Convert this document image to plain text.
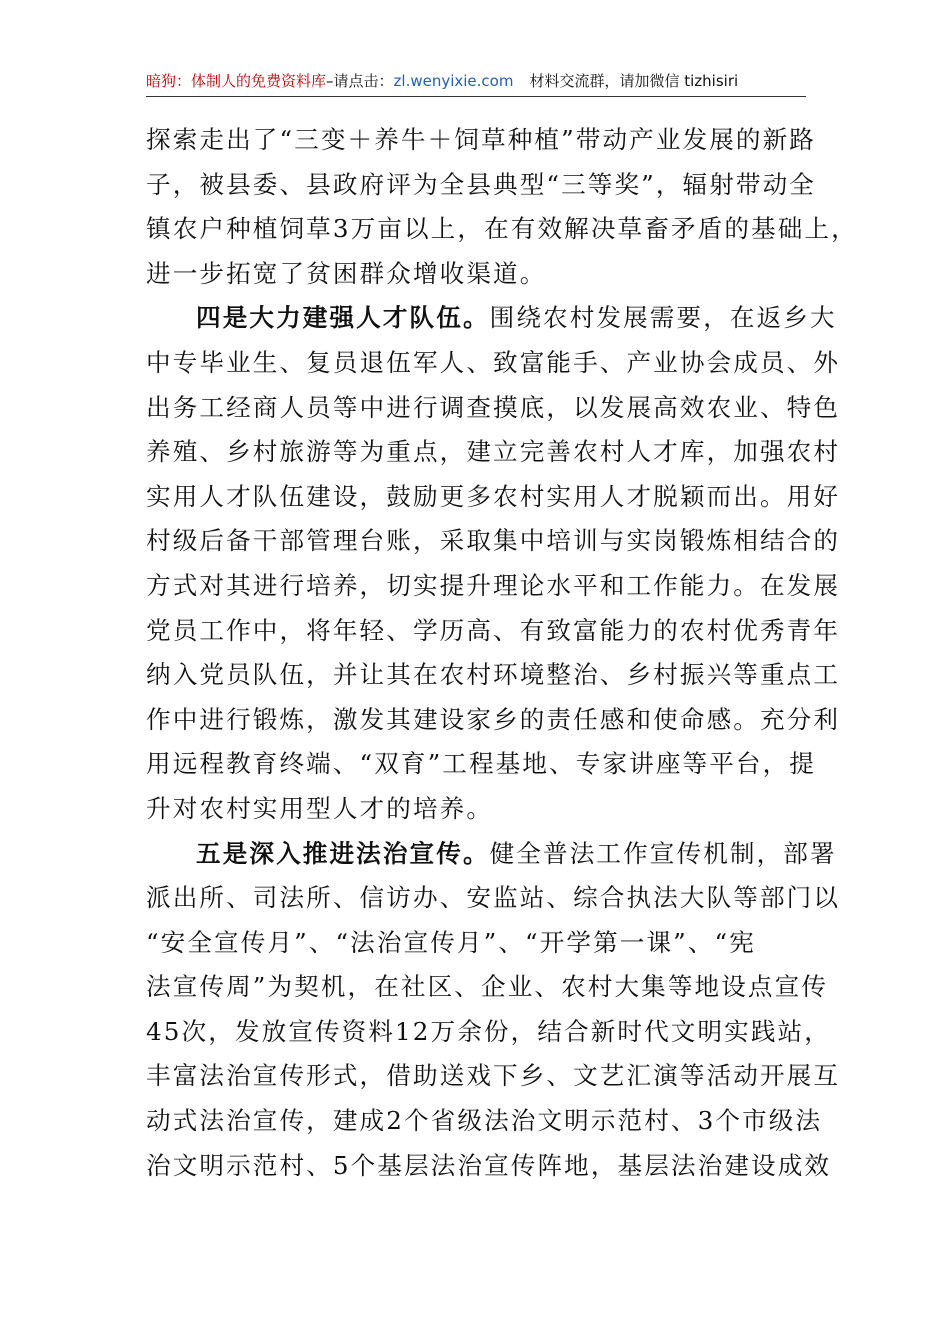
暗狗：体制人的免费资料库–请点击：zl.wenyixie.com 材料交流群，请加微信 tizhisiri
探索走出了“三变＋养牛＋饲草种植”带动产业发展的新路
子，被县委、县政府评为全县典型“三等奖”，辐射带动全
镇农户种植饲草3万亩以上，在有效解决草畜矛盾的基础上，
进一步拓宽了贫困群众增收渠道。
四是大力建强人才队伍。围绕农村发展需要，在返乡大
中专毕业生、复员退伍军人、致富能手、产业协会成员、外
出务工经商人员等中进行调查摸底，以发展高效农业、特色
养殖、乡村旅游等为重点，建立完善农村人才库，加强农村
实用人才队伍建设，鼓励更多农村实用人才脱颖而出。用好
村级后备干部管理台账，采取集中培训与实岗锻炼相结合的
方式对其进行培养，切实提升理论水平和工作能力。在发展
党员工作中，将年轻、学历高、有致富能力的农村优秀青年
纳入党员队伍，并让其在农村环境整治、乡村振兴等重点工
作中进行锻炼，激发其建设家乡的责任感和使命感。充分利
用远程教育终端、“双育”工程基地、专家讲座等平台，提
升对农村实用型人才的培养。
五是深入推进法治宣传。健全普法工作宣传机制，部署
派出所、司法所、信访办、安监站、综合执法大队等部门以
“安全宣传月”、“法治宣传月”、“开学第一课”、“宪
法宣传周”为契机，在社区、企业、农村大集等地设点宣传
45次，发放宣传资料12万余份，结合新时代文明实践站，
丰富法治宣传形式，借助送戏下乡、文艺汇演等活动开展互
动式法治宣传，建成2个省级法治文明示范村、3个市级法
治文明示范村、5个基层法治宣传阵地，基层法治建设成效
